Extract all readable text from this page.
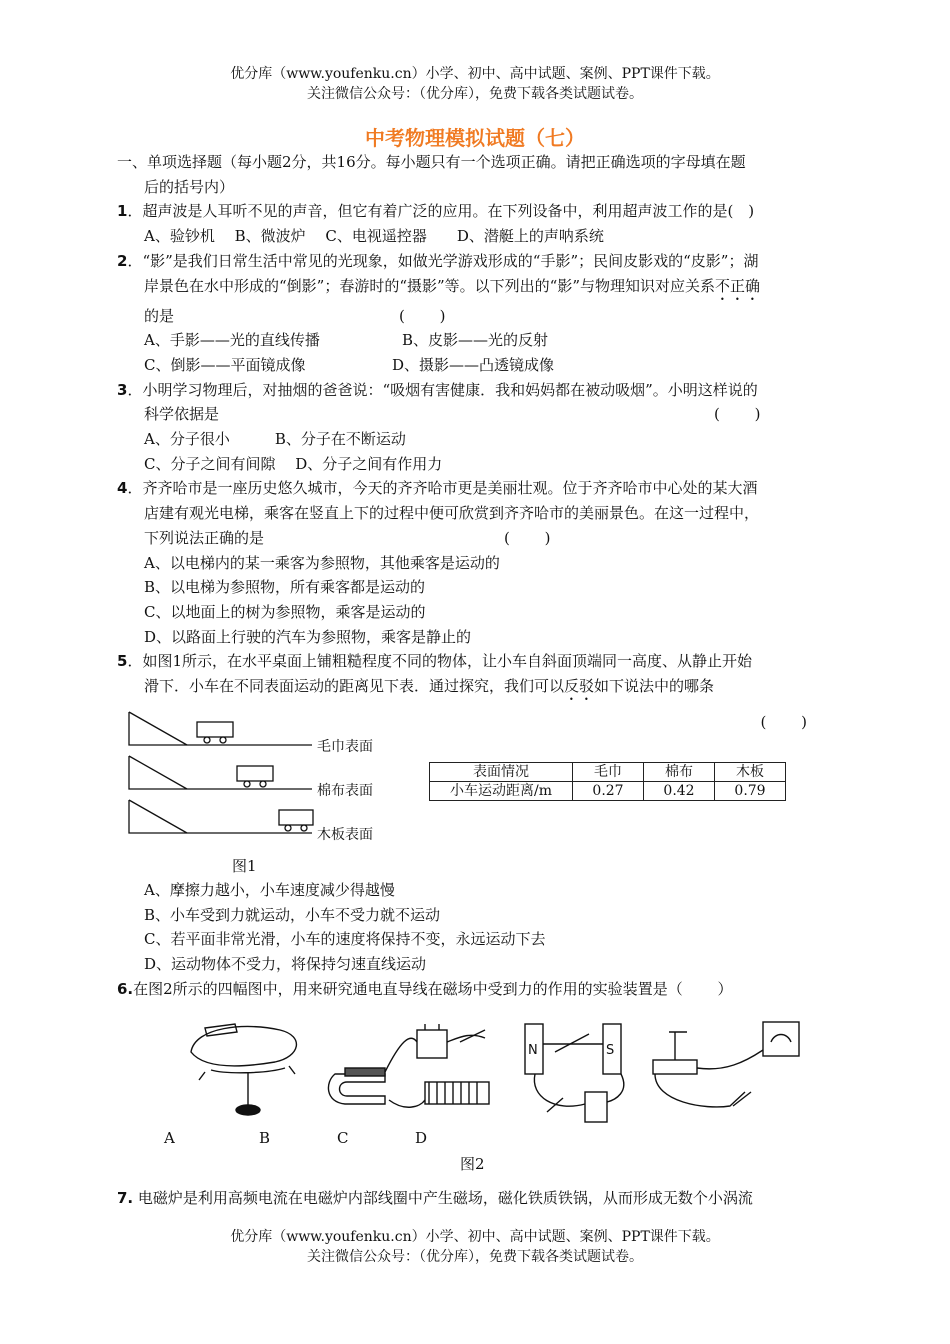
优分库（www.youfenku.cn）小学、初中、高中试题、案例、PPT课件下载。
关注微信公众号：（优分库），免费下载各类试题试卷。
中考物理模拟试题（七）

一、单项选择题（每小题2分，共16分。每小题只有一个选项正确。请把正确选项的字母填在题

后的括号内）

1．超声波是人耳听不见的声音，但它有着广泛的应用。在下列设备中，利用超声波工作的是(　)

A、验钞机　 B、微波炉　 C、电视遥控器　　D、潜艇上的声呐系统

2．“影”是我们日常生活中常见的光现象，如做光学游戏形成的“手影”；民间皮影戏的“皮影”；湖

岸景色在水中形成的“倒影”；春游时的“摄影”等。以下列出的“影”与物理知识对应关系不正确

的是　　　　　　　　　　　　　　　(　　 )

A、手影——光的直线传播	B、皮影——光的反射

C、倒影——平面镜成像	D、摄影——凸透镜成像

3．小明学习物理后，对抽烟的爸爸说：“吸烟有害健康．我和妈妈都在被动吸烟”。小明这样说的

科学依据是	(　　 )

A、分子很小　　　B、分子在不断运动

C、分子之间有间隙　 D、分子之间有作用力

4．齐齐哈市是一座历史悠久城市，今天的齐齐哈市更是美丽壮观。位于齐齐哈市中心处的某大酒

店建有观光电梯，乘客在竖直上下的过程中便可欣赏到齐齐哈市的美丽景色。在这一过程中，

下列说法正确的是　　　　　　　　　　　　　　　　(　　 )

A、以电梯内的某一乘客为参照物，其他乘客是运动的

B、以电梯为参照物，所有乘客都是运动的

C、以地面上的树为参照物，乘客是运动的

D、以路面上行驶的汽车为参照物，乘客是静止的

5．如图1所示，在水平桌面上铺粗糙程度不同的物体，让小车自斜面顶端同一高度、从静止开始

滑下．小车在不同表面运动的距离见下表．通过探究，我们可以反驳如下说法中的哪条

(　　 )
毛巾表面
棉布表面
木板表面
图1
表面情况	毛巾	棉布	木板
小车运动距离/m	0.27	0.42	0.79

A、摩擦力越小，小车速度减少得越慢

B、小车受到力就运动，小车不受力就不运动

C、若平面非常光滑，小车的速度将保持不变，永远运动下去

D、运动物体不受力，将保持匀速直线运动

6.在图2所示的四幅图中，用来研究通电直导线在磁场中受到力的作用的实验装置是（　　 ）

N	S
A	B	C	D
图2

7. 电磁炉是利用高频电流在电磁炉内部线圈中产生磁场，磁化铁质铁锅，从而形成无数个小涡流

优分库（www.youfenku.cn）小学、初中、高中试题、案例、PPT课件下载。
关注微信公众号：（优分库），免费下载各类试题试卷。
